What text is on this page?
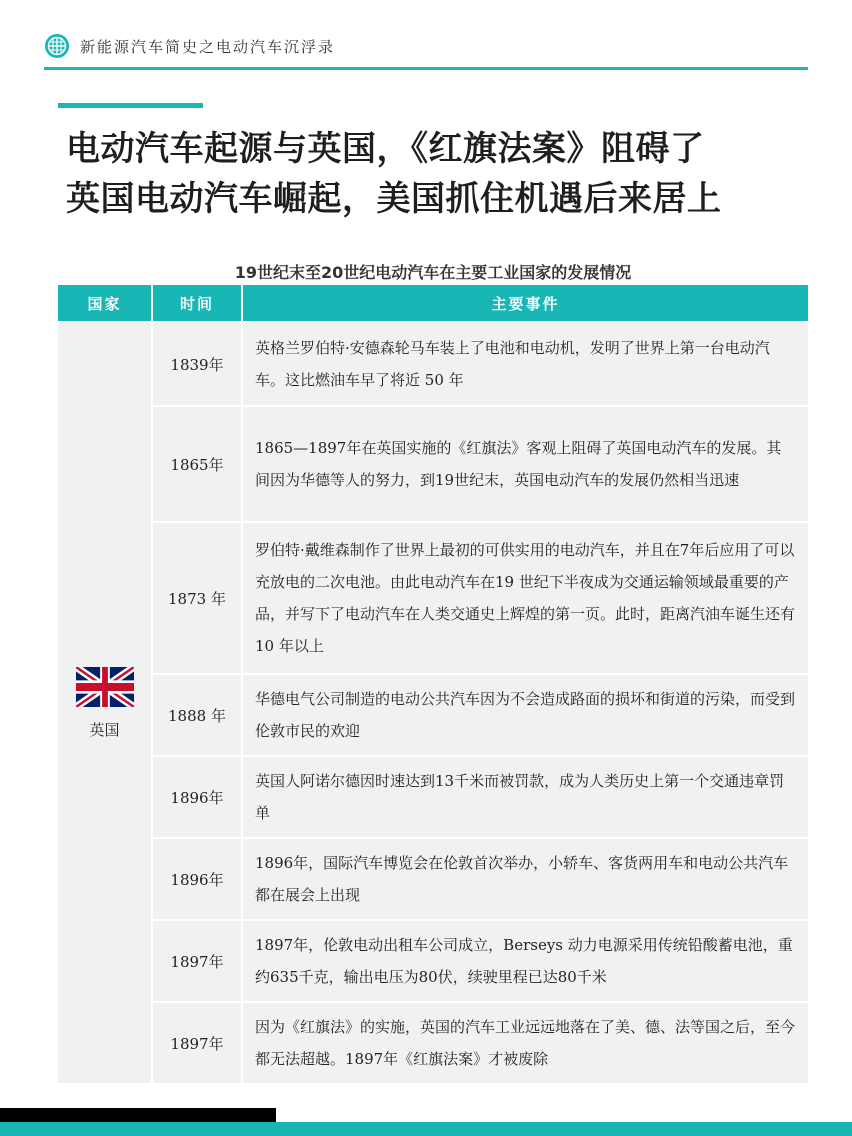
新能源汽车简史之电动汽车沉浮录
电动汽车起源与英国，《红旗法案》阻碍了
英国电动汽车崛起，美国抓住机遇后来居上
19世纪末至20世纪电动汽车在主要工业国家的发展情况
国家	时间	主要事件

英国	1839年	英格兰罗伯特·安德森轮马车装上了电池和电动机，发明了世界上第一台电动汽车。这比燃油车早了将近 50 年
	1865年	1865—1897年在英国实施的《红旗法》客观上阻碍了英国电动汽车的发展。其间因为华德等人的努力，到19世纪末，英国电动汽车的发展仍然相当迅速
	1873 年	罗伯特·戴维森制作了世界上最初的可供实用的电动汽车，并且在7年后应用了可以充放电的二次电池。由此电动汽车在19 世纪下半夜成为交通运输领域最重要的产品，并写下了电动汽车在人类交通史上辉煌的第一页。此时，距离汽油车诞生还有 10 年以上
	1888 年	华德电气公司制造的电动公共汽车因为不会造成路面的损坏和街道的污染，而受到伦敦市民的欢迎
	1896年	英国人阿诺尔德因时速达到13千米而被罚款，成为人类历史上第一个交通违章罚单
	1896年	1896年，国际汽车博览会在伦敦首次举办，小轿车、客货两用车和电动公共汽车都在展会上出现
	1897年	1897年，伦敦电动出租车公司成立，Berseys 动力电源采用传统铅酸蓄电池，重约635千克，输出电压为80伏，续驶里程已达80千米
	1897年	因为《红旗法》的实施，英国的汽车工业远远地落在了美、德、法等国之后，至今都无法超越。1897年《红旗法案》才被废除
